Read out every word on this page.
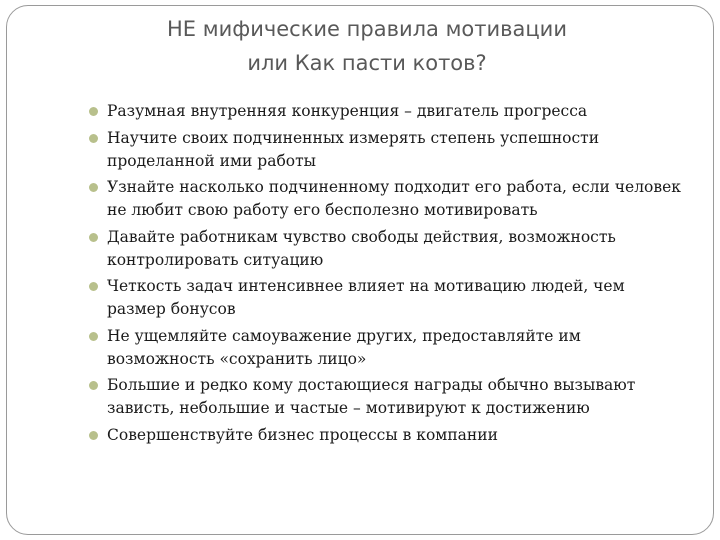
НЕ мифические правила мотивации
или Как пасти котов?
Разумная внутренняя конкуренция – двигатель прогресса
Научите своих подчиненных измерять степень успешности проделанной ими работы
Узнайте насколько подчиненному подходит его работа, если человек не любит свою работу его бесполезно мотивировать
Давайте работникам чувство свободы действия, возможность контролировать ситуацию
Четкость задач интенсивнее влияет на мотивацию людей, чем размер бонусов
Не ущемляйте самоуважение других, предоставляйте им возможность «сохранить лицо»
Большие и редко кому достающиеся награды обычно вызывают зависть, небольшие и частые – мотивируют к достижению
Совершенствуйте бизнес процессы в компании
